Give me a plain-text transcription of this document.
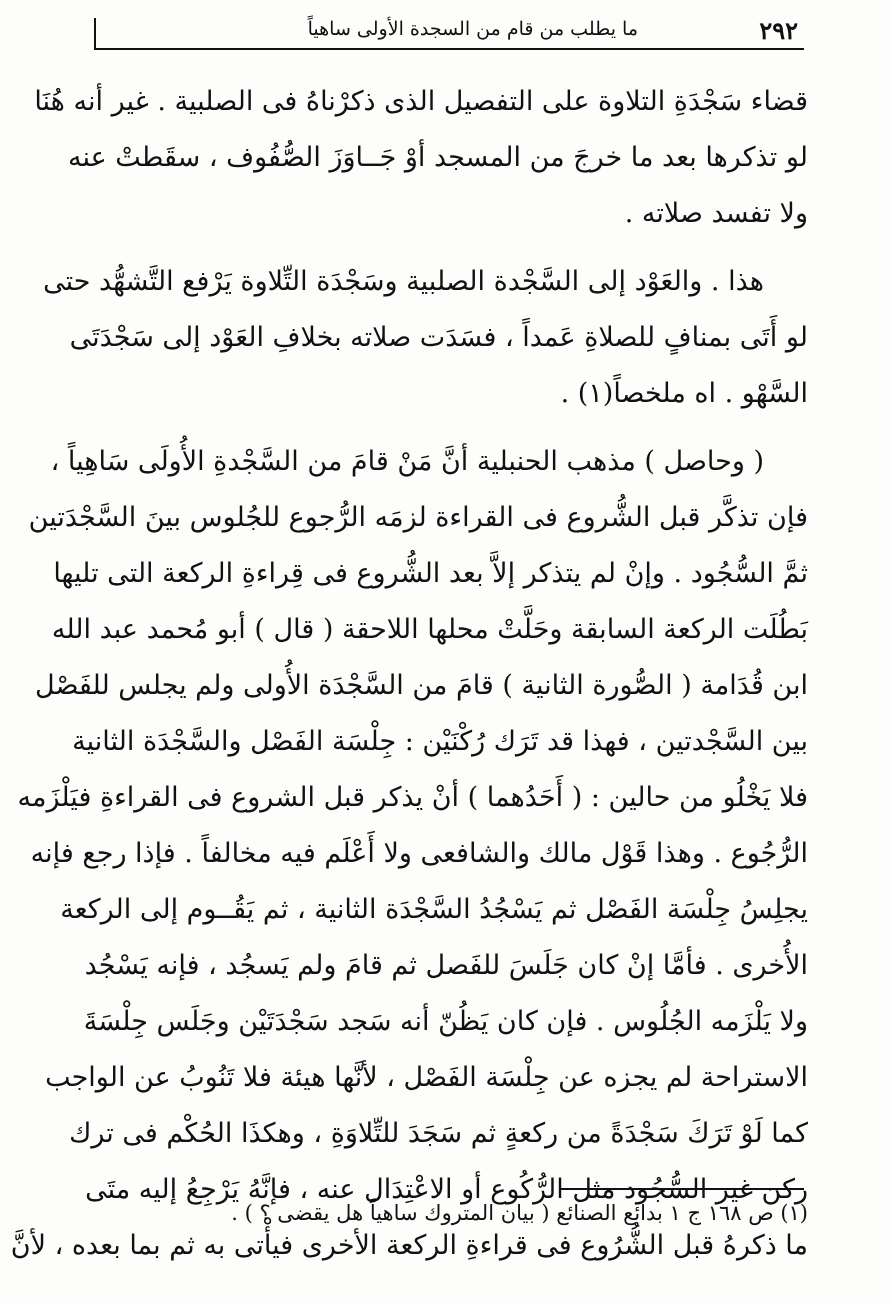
٢٩٢
ما يطلب من قام من السجدة الأولى ساهياً
قضاء سَجْدَةِ التلاوة على التفصيل الذى ذكرْناهُ فى الصلبية . غير أنه هُنَا
لو تذكرها بعد ما خرجَ من المسجد أوْ جَــاوَزَ الصُّفُوف ، سقَطتْ عنه
ولا تفسد صلاته .
هذا . والعَوْد إلى السَّجْدة الصلبية وسَجْدَة التِّلاوة يَرْفع التَّشهُّد حتى
لو أَتَى بمنافٍ للصلاةِ عَمداً ، فسَدَت صلاته بخلافِ العَوْد إلى سَجْدَتَى
السَّهْو . اه ملخصاً(١) .
( وحاصل ) مذهب الحنبلية أنَّ مَنْ قامَ من السَّجْدةِ الأُولَى سَاهِياً ،
فإن تذكَّر قبل الشُّروع فى القراءة لزمَه الرُّجوع للجُلوس بينَ السَّجْدَتين
ثمَّ السُّجُود . وإنْ لم يتذكر إلاَّ بعد الشُّروع فى قِراءةِ الركعة التى تليها
بَطُلَت الركعة السابقة وحَلَّتْ محلها اللاحقة ( قال ) أبو مُحمد عبد الله
ابن قُدَامة ( الصُّورة الثانية ) قامَ من السَّجْدَة الأُولى ولم يجلس للفَصْل
بين السَّجْدتين ، فهذا قد تَرَك رُكْنَيْن : جِلْسَة الفَصْل والسَّجْدَة الثانية
فلا يَخْلُو من حالين : ( أَحَدُهما ) أنْ يذكر قبل الشروع فى القراءةِ فيَلْزَمه
الرُّجُوع . وهذا قَوْل مالك والشافعى ولا أَعْلَم فيه مخالفاً . فإذا رجع فإنه
يجلِسُ جِلْسَة الفَصْل ثم يَسْجُدُ السَّجْدَة الثانية ، ثم يَقُــوم إلى الركعة
الأُخرى . فأمَّا إنْ كان جَلَسَ للفَصل ثم قامَ ولم يَسجُد ، فإنه يَسْجُد
ولا يَلْزَمه الجُلُوس . فإن كان يَظُنّ أنه سَجد سَجْدَتَيْن وجَلَس جِلْسَةَ
الاستراحة لم يجزه عن جِلْسَة الفَصْل ، لأنَّها هيئة فلا تَنُوبُ عن الواجب
كما لَوْ تَرَكَ سَجْدَةً من ركعةٍ ثم سَجَدَ للتِّلاوَةِ ، وهكذَا الحُكْم فى ترك
ركن غير السُّجُود مثل الرُّكُوع أو الاعْتِدَال عنه ، فإنَّهُ يَرْجِعُ إليه متَى
ما ذكرهُ قبل الشُّرُوع فى قراءةِ الركعة الأخرى فيأْتى به ثم بما بعده ، لأنَّ
(١) ص ١٦٨ ج ١ بدائع الصنائع ( بيان المتروك ساهياً هل يقضى ؟ ) .
